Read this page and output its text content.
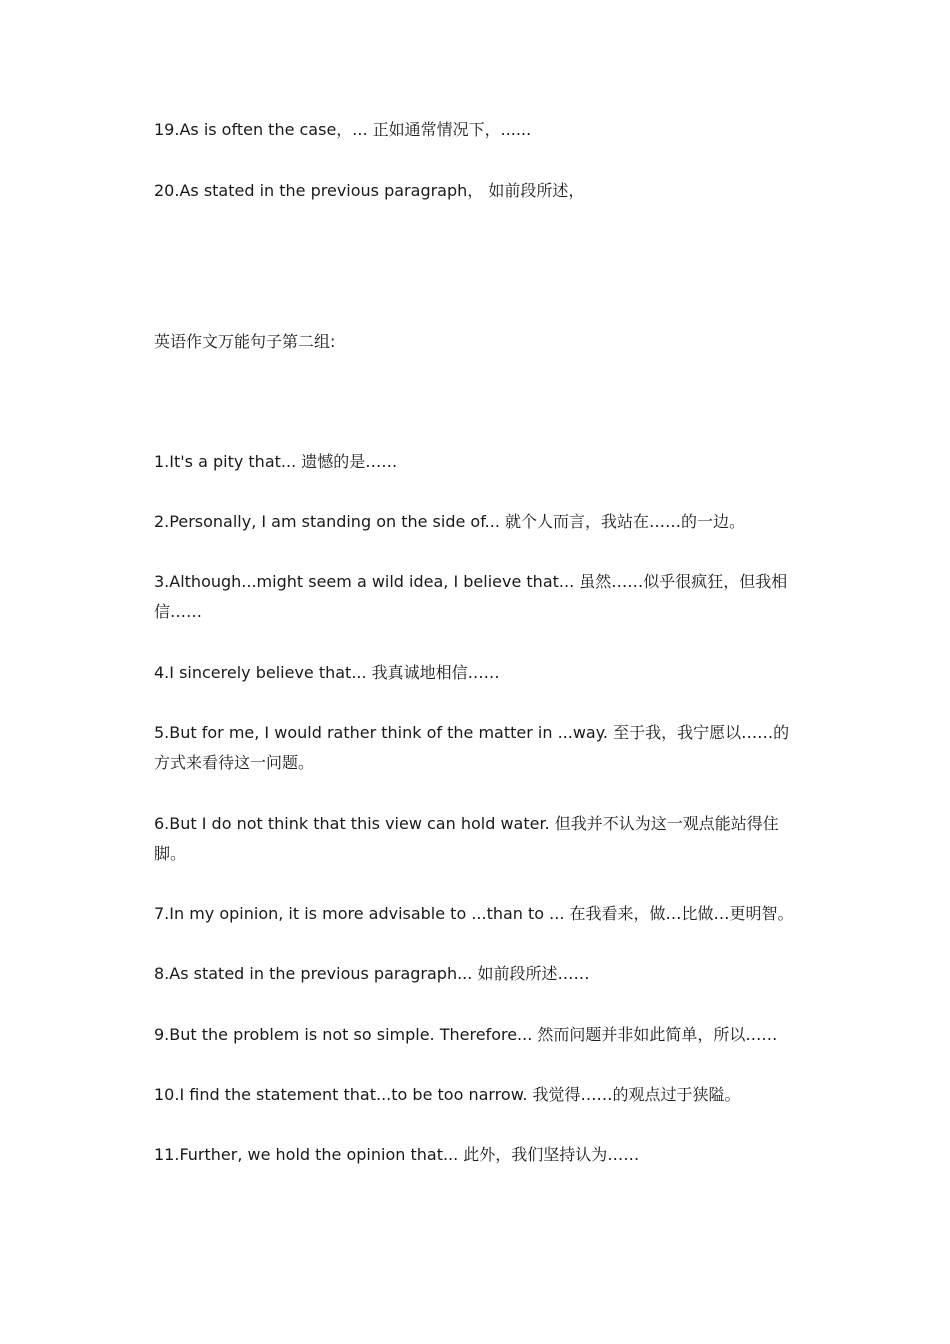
19.As is often the case，... 正如通常情况下，......
20.As stated in the previous paragraph， 如前段所述，
英语作文万能句子第二组:
1.It's a pity that... 遗憾的是……
2.Personally, I am standing on the side of... 就个人而言，我站在……的一边。
3.Although...might seem a wild idea, I believe that... 虽然……似乎很疯狂，但我相信……
4.I sincerely believe that... 我真诚地相信……
5.But for me, I would rather think of the matter in ...way. 至于我，我宁愿以……的方式来看待这一问题。
6.But I do not think that this view can hold water. 但我并不认为这一观点能站得住脚。
7.In my opinion, it is more advisable to ...than to ... 在我看来，做…比做…更明智。
8.As stated in the previous paragraph... 如前段所述……
9.But the problem is not so simple. Therefore... 然而问题并非如此简单，所以……
10.I find the statement that...to be too narrow. 我觉得……的观点过于狭隘。
11.Further, we hold the opinion that... 此外，我们坚持认为……
